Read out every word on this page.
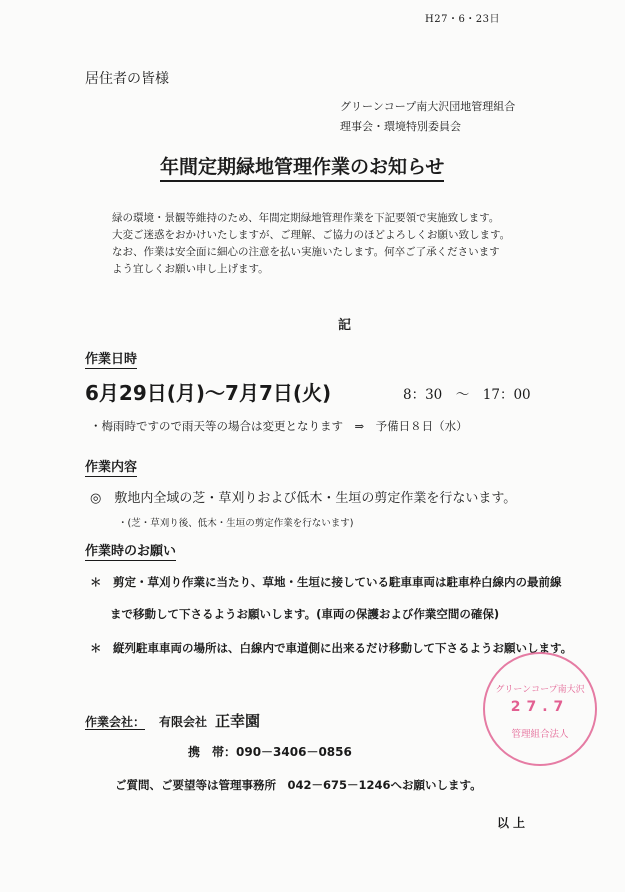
H27・6・23日
居住者の皆様
グリーンコープ南大沢団地管理組合
理事会・環境特別委員会
年間定期緑地管理作業のお知らせ
緑の環境・景観等維持のため、年間定期緑地管理作業を下記要領で実施致します。
大変ご迷惑をおかけいたしますが、ご理解、ご協力のほどよろしくお願い致します。
なお、作業は安全面に細心の注意を払い実施いたします。何卒ご了承くださいます
よう宜しくお願い申し上げます。
記
作業日時
6月29日(月)～7月7日(火)	8：30　～　17：00
・梅雨時ですので雨天等の場合は変更となります　⇒　予備日８日（水）
作業内容
◎　敷地内全域の芝・草刈りおよび低木・生垣の剪定作業を行ないます。
・(芝・草刈り後、低木・生垣の剪定作業を行ないます)
作業時のお願い
＊　剪定・草刈り作業に当たり、草地・生垣に接している駐車車両は駐車枠白線内の最前線
まで移動して下さるようお願いします。(車両の保護および作業空間の確保)
＊　縦列駐車車両の場所は、白線内で車道側に出来るだけ移動して下さるようお願いします。
グリーンコープ南大沢
27.7
管理組合法人
作業会社： 有限会社 正幸園
携　帯：090－3406－0856
ご質問、ご要望等は管理事務所　042－675－1246へお願いします。
以上
